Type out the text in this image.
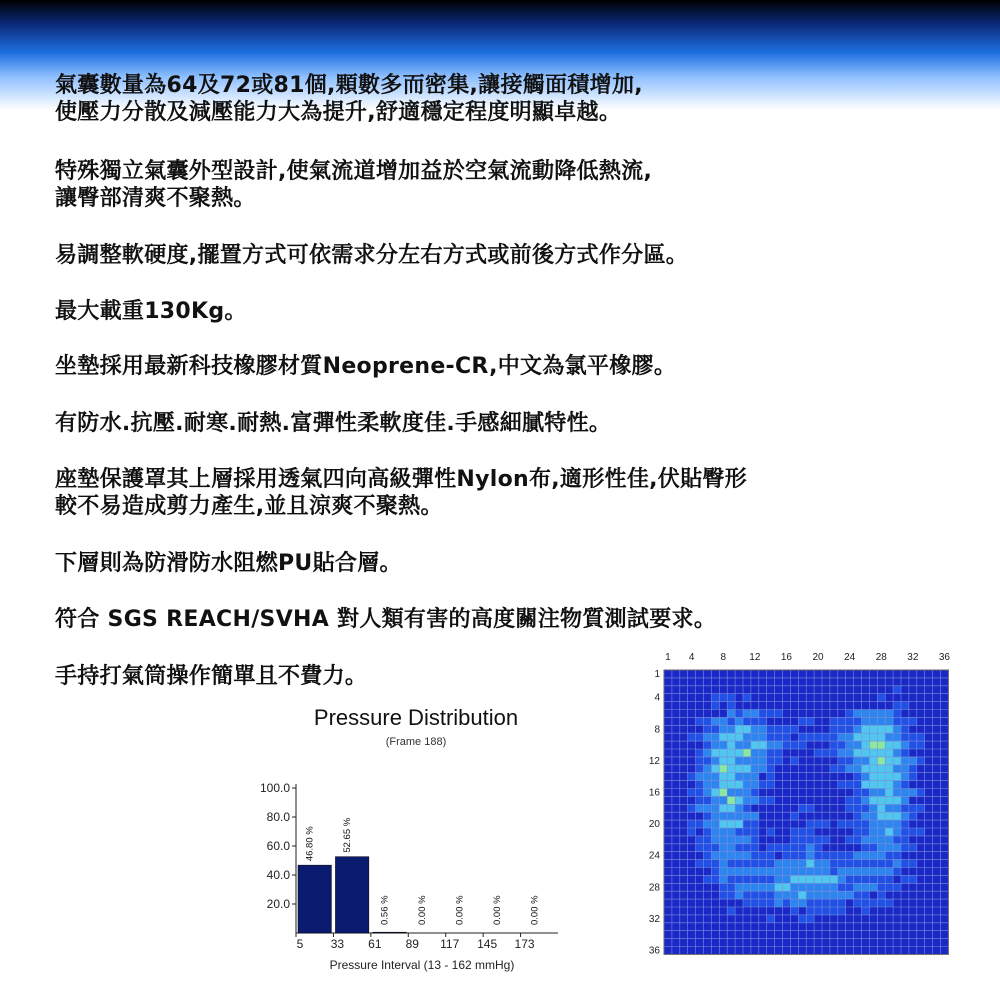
氣囊數量為64及72或81個,顆數多而密集,讓接觸面積增加,
使壓力分散及減壓能力大為提升,舒適穩定程度明顯卓越。
特殊獨立氣囊外型設計,使氣流道增加益於空氣流動降低熱流,
讓臀部清爽不聚熱。
易調整軟硬度,擺置方式可依需求分左右方式或前後方式作分區。
最大載重130Kg。
坐墊採用最新科技橡膠材質Neoprene-CR,中文為氯平橡膠。
有防水.抗壓.耐寒.耐熱.富彈性柔軟度佳.手感細膩特性。
座墊保護罩其上層採用透氣四向高級彈性Nylon布,適形性佳,伏貼臀形
較不易造成剪力產生,並且涼爽不聚熱。
下層則為防滑防水阻燃PU貼合層。
符合 SGS REACH/SVHA 對人類有害的高度關注物質測試要求。
手持打氣筒操作簡單且不費力。
Pressure Distribution
(Frame 188)
Pressure Interval (13 - 162 mmHg)
100.0
80.0
60.0
40.0
20.0
5 33 61 89 117 145 173
46.80 %	52.65 %
0.56 %	0.00 %	0.00 %	0.00 %	0.00 %
1 4	8 12 16 20 24 28 32 36
1
4
8
12
16
20
24
28
32
36
